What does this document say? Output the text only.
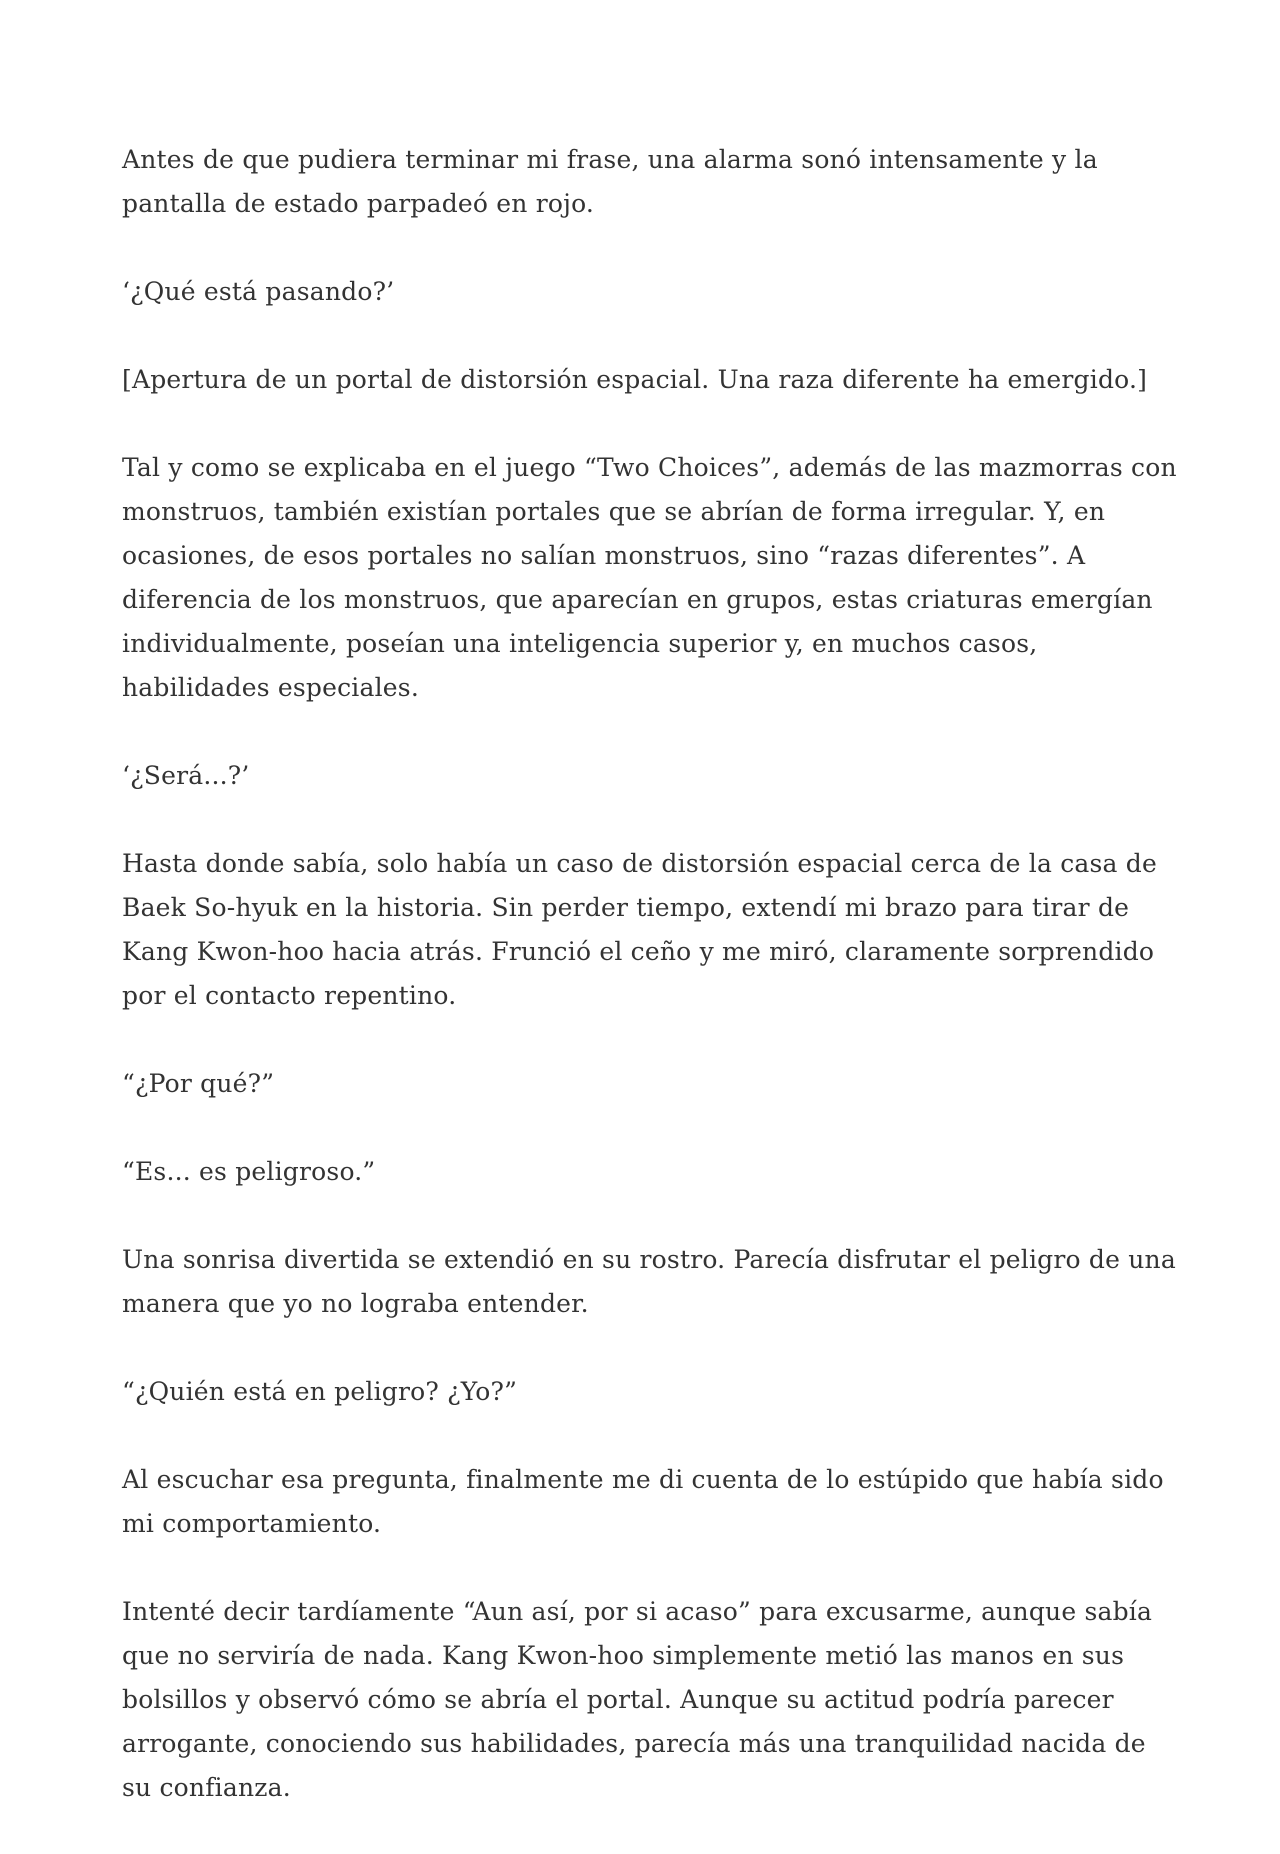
Antes de que pudiera terminar mi frase, una alarma sonó intensamente y la pantalla de estado parpadeó en rojo.

‘¿Qué está pasando?’

[Apertura de un portal de distorsión espacial. Una raza diferente ha emergido.]

Tal y como se explicaba en el juego “Two Choices”, además de las mazmorras con monstruos, también existían portales que se abrían de forma irregular. Y, en ocasiones, de esos portales no salían monstruos, sino “razas diferentes”. A diferencia de los monstruos, que aparecían en grupos, estas criaturas emergían individualmente, poseían una inteligencia superior y, en muchos casos, habilidades especiales.

‘¿Será...?’

Hasta donde sabía, solo había un caso de distorsión espacial cerca de la casa de Baek So-hyuk en la historia. Sin perder tiempo, extendí mi brazo para tirar de Kang Kwon-hoo hacia atrás. Frunció el ceño y me miró, claramente sorprendido por el contacto repentino.

“¿Por qué?”

“Es... es peligroso.”

Una sonrisa divertida se extendió en su rostro. Parecía disfrutar el peligro de una manera que yo no lograba entender.

“¿Quién está en peligro? ¿Yo?”

Al escuchar esa pregunta, finalmente me di cuenta de lo estúpido que había sido mi comportamiento.

Intenté decir tardíamente “Aun así, por si acaso” para excusarme, aunque sabía que no serviría de nada. Kang Kwon-hoo simplemente metió las manos en sus bolsillos y observó cómo se abría el portal. Aunque su actitud podría parecer arrogante, conociendo sus habilidades, parecía más una tranquilidad nacida de su confianza.
